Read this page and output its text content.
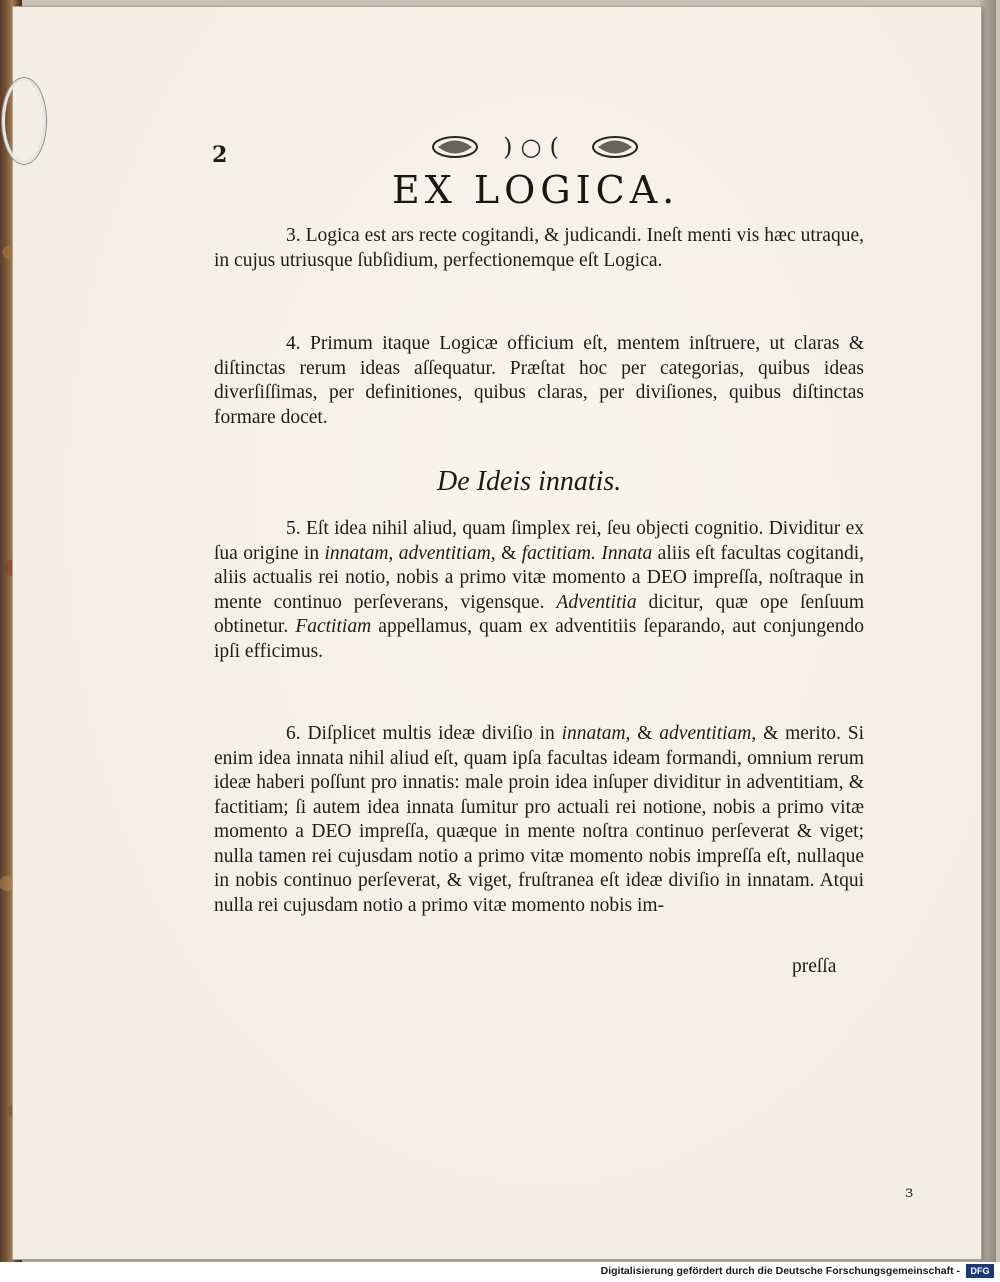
2	)○(
EX LOGICA.

3. Logica est ars recte cogitandi, & judicandi. Ineſt menti vis hæc utraque, in cujus utriusque ſubſidium, perfectionemque eſt Logica.

4. Primum itaque Logicæ officium eſt, mentem inſtruere, ut claras & diſtinctas rerum ideas aſſequatur. Præſtat hoc per categorias, quibus ideas diverſiſſimas, per definitiones, quibus claras, per diviſiones, quibus diſtinctas formare docet.

De Ideis innatis.

5. Eſt idea nihil aliud, quam ſimplex rei, ſeu objecti cognitio. Dividitur ex ſua origine in innatam, adventitiam, & factitiam. Innata aliis eſt facultas cogitandi, aliis actualis rei notio, nobis a primo vitæ momento a DEO impreſſa, noſtraque in mente continuo perſeverans, vigensque. Adventitia dicitur, quæ ope ſenſuum obtinetur. Factitiam appellamus, quam ex adventitiis ſeparando, aut conjungendo ipſi efficimus.

6. Diſplicet multis ideæ diviſio in innatam, & adventitiam, & merito. Si enim idea innata nihil aliud eſt, quam ipſa facultas ideam formandi, omnium rerum ideæ haberi poſſunt pro innatis: male proin idea inſuper dividitur in adventitiam, & factitiam; ſi autem idea innata ſumitur pro actuali rei notione, nobis a primo vitæ momento a DEO impreſſa, quæque in mente noſtra continuo perſeverat & viget; nulla tamen rei cujusdam notio a primo vitæ momento nobis impreſſa eſt, nullaque in nobis continuo perſeverat, & viget, fruſtranea eſt ideæ diviſio in innatam. Atqui nulla rei cujusdam notio a primo vitæ momento nobis im-

preſſa
ɜ
Digitalisierung gefördert durch die Deutsche Forschungsgemeinschaft -	DFG
